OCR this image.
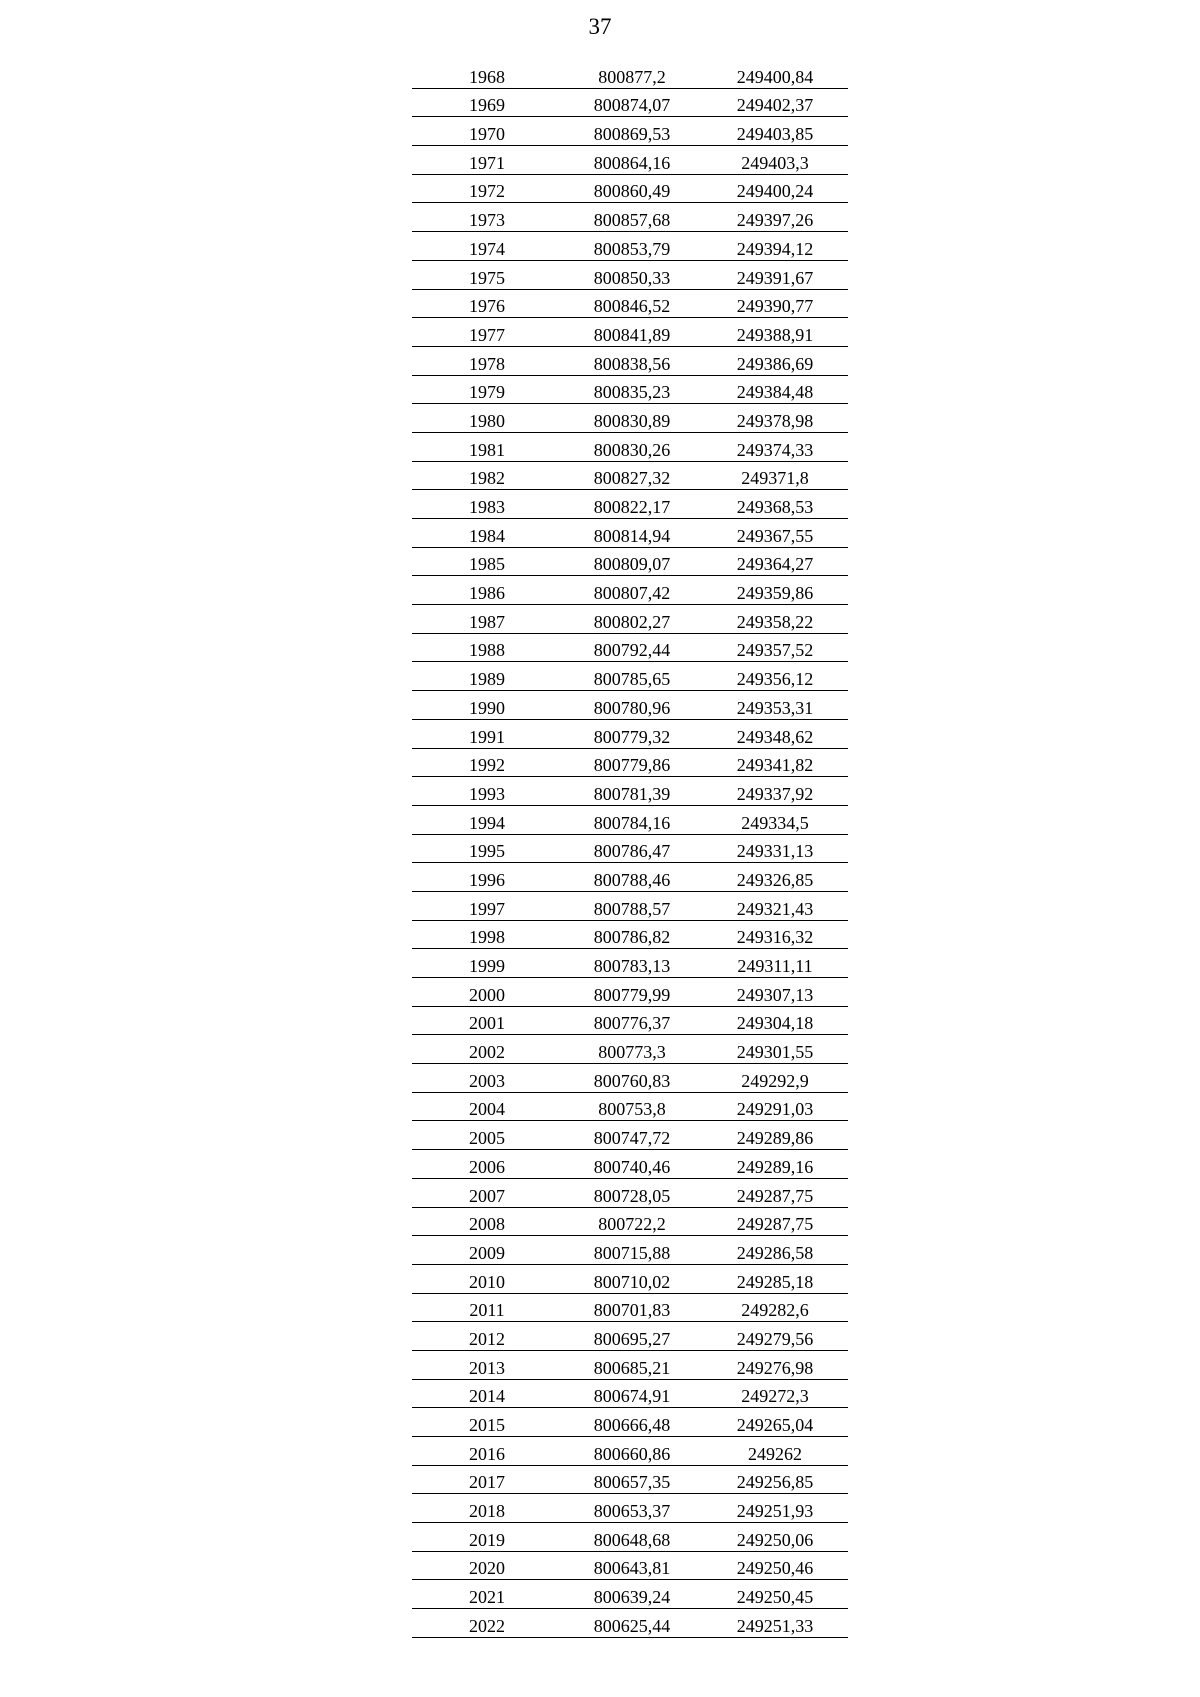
37
1968	800877,2	249400,84
1969	800874,07	249402,37
1970	800869,53	249403,85
1971	800864,16	249403,3
1972	800860,49	249400,24
1973	800857,68	249397,26
1974	800853,79	249394,12
1975	800850,33	249391,67
1976	800846,52	249390,77
1977	800841,89	249388,91
1978	800838,56	249386,69
1979	800835,23	249384,48
1980	800830,89	249378,98
1981	800830,26	249374,33
1982	800827,32	249371,8
1983	800822,17	249368,53
1984	800814,94	249367,55
1985	800809,07	249364,27
1986	800807,42	249359,86
1987	800802,27	249358,22
1988	800792,44	249357,52
1989	800785,65	249356,12
1990	800780,96	249353,31
1991	800779,32	249348,62
1992	800779,86	249341,82
1993	800781,39	249337,92
1994	800784,16	249334,5
1995	800786,47	249331,13
1996	800788,46	249326,85
1997	800788,57	249321,43
1998	800786,82	249316,32
1999	800783,13	249311,11
2000	800779,99	249307,13
2001	800776,37	249304,18
2002	800773,3	249301,55
2003	800760,83	249292,9
2004	800753,8	249291,03
2005	800747,72	249289,86
2006	800740,46	249289,16
2007	800728,05	249287,75
2008	800722,2	249287,75
2009	800715,88	249286,58
2010	800710,02	249285,18
2011	800701,83	249282,6
2012	800695,27	249279,56
2013	800685,21	249276,98
2014	800674,91	249272,3
2015	800666,48	249265,04
2016	800660,86	249262
2017	800657,35	249256,85
2018	800653,37	249251,93
2019	800648,68	249250,06
2020	800643,81	249250,46
2021	800639,24	249250,45
2022	800625,44	249251,33
